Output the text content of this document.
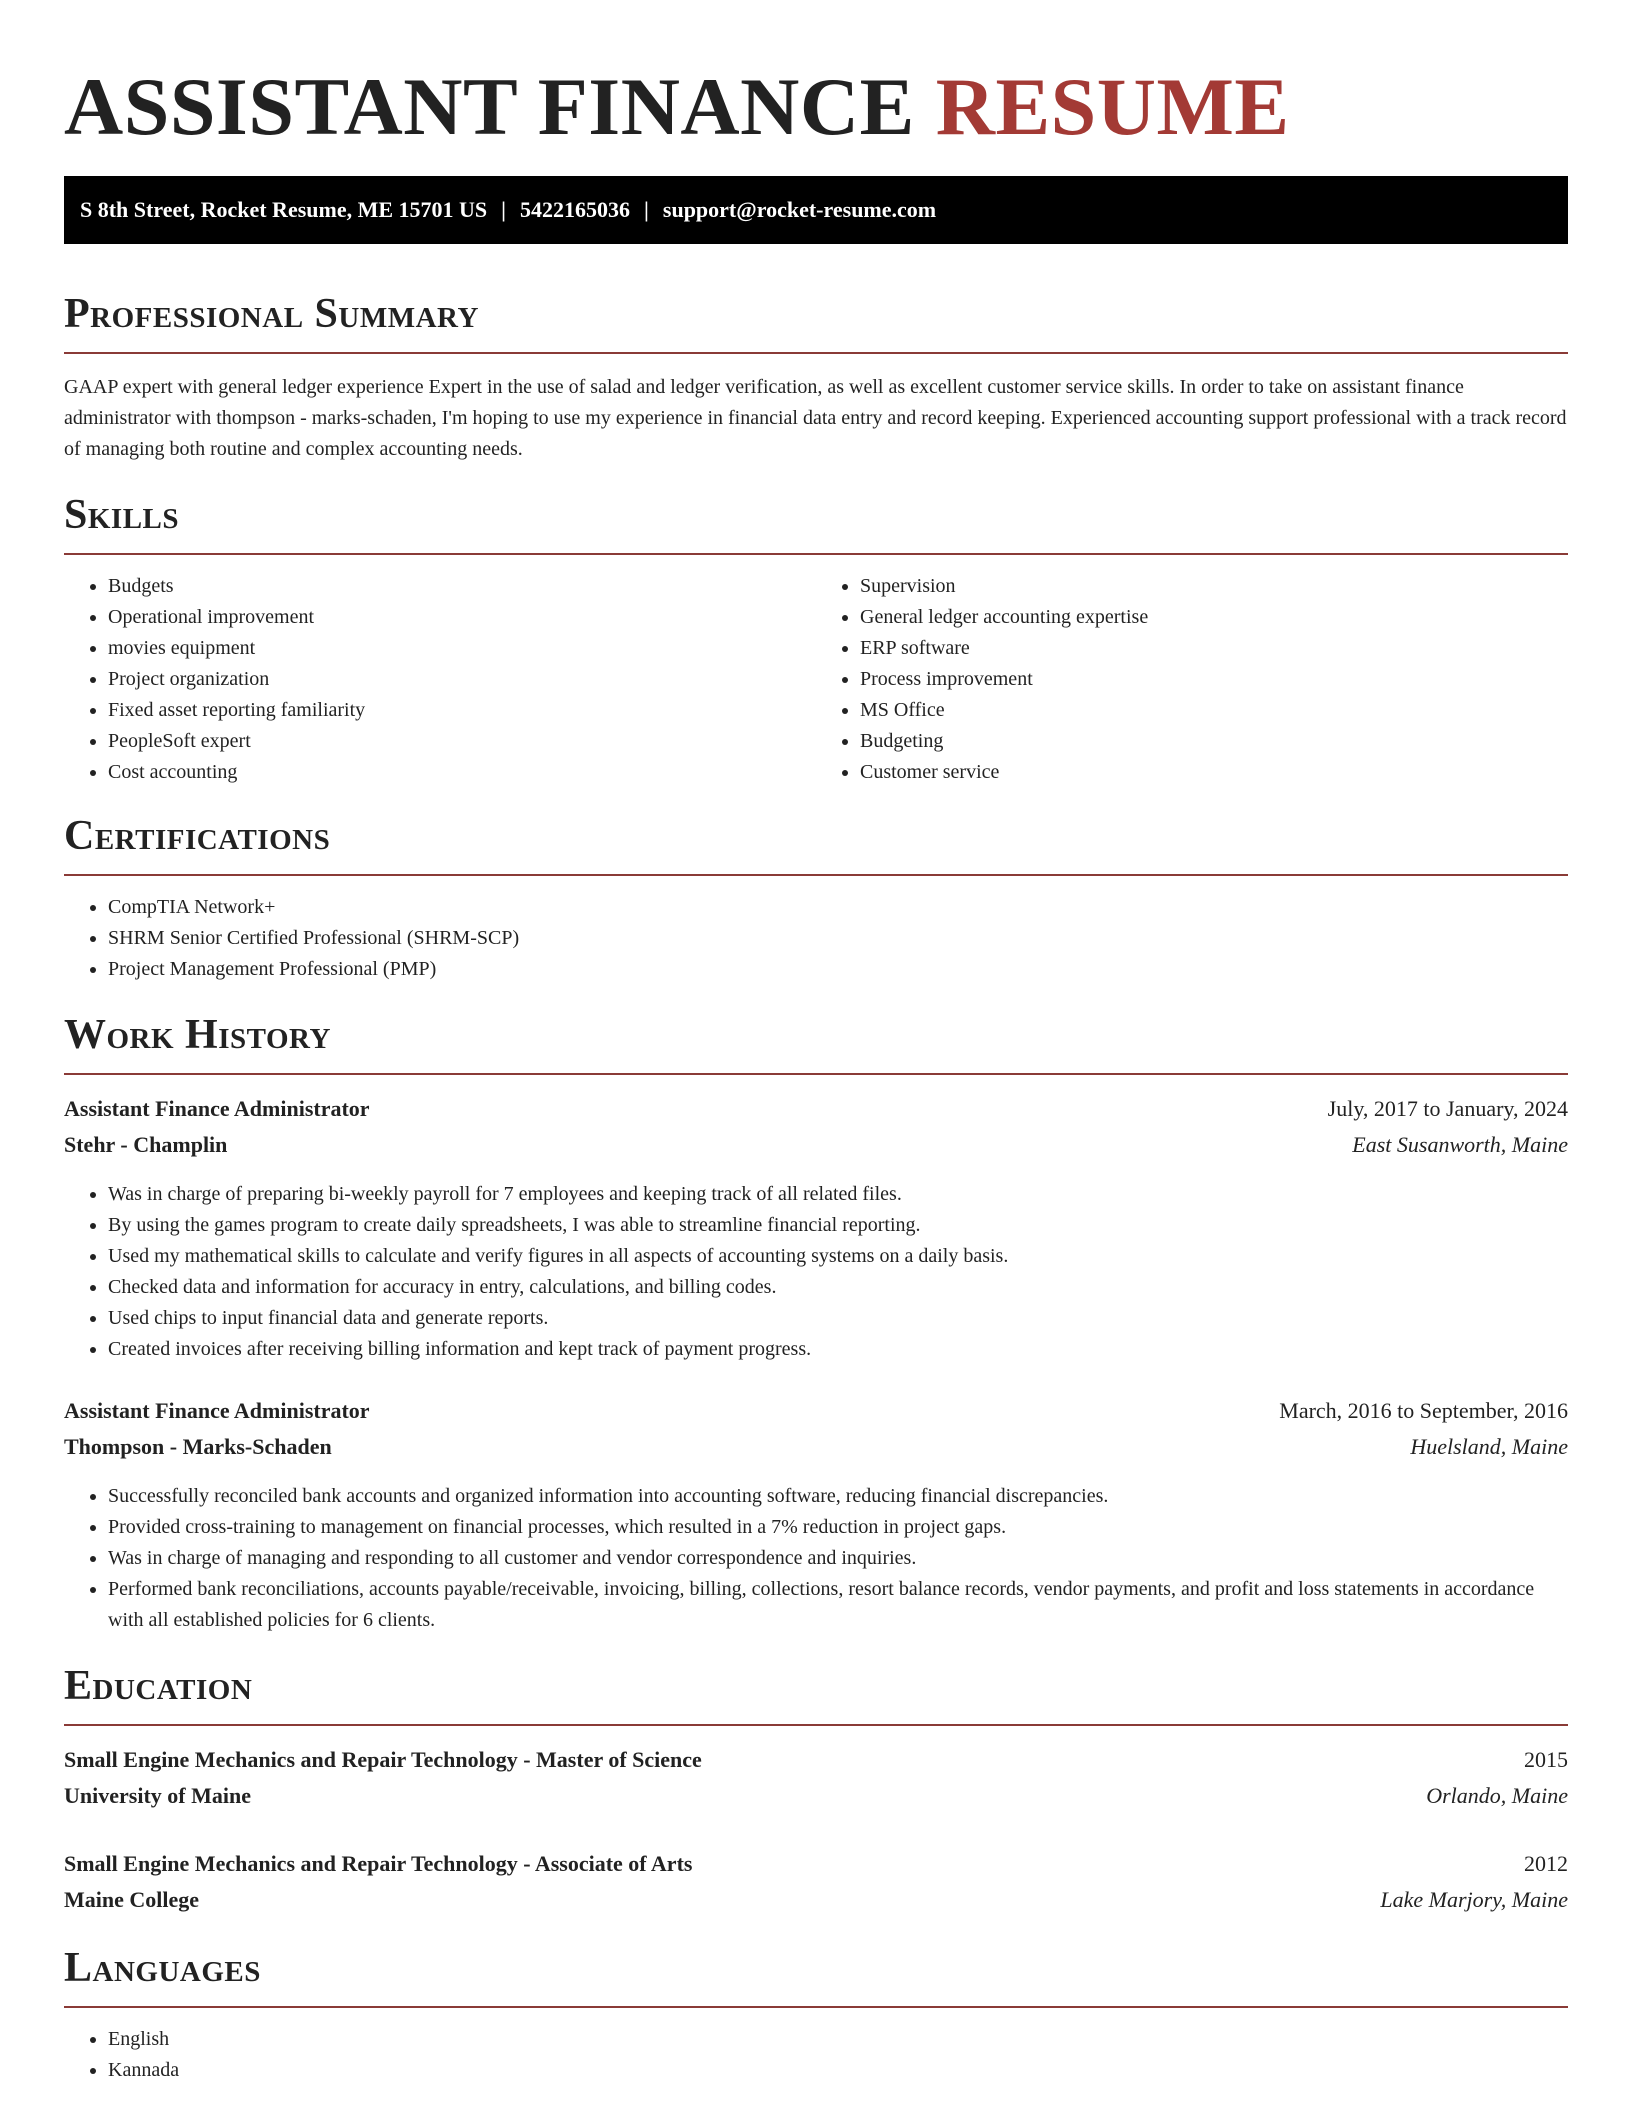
ASSISTANT FINANCE RESUME
S 8th Street, Rocket Resume, ME 15701 US | 5422165036 | support@rocket-resume.com
Professional Summary

GAAP expert with general ledger experience Expert in the use of salad and ledger verification, as well as excellent customer service skills. In order to take on assistant finance administrator with thompson - marks-schaden, I'm hoping to use my experience in financial data entry and record keeping. Experienced accounting support professional with a track record of managing both routine and complex accounting needs.

Skills
• Budgets
• Operational improvement
• movies equipment
• Project organization
• Fixed asset reporting familiarity
• PeopleSoft expert
• Cost accounting
• Supervision
• General ledger accounting expertise
• ERP software
• Process improvement
• MS Office
• Budgeting
• Customer service
Certifications
• CompTIA Network+
• SHRM Senior Certified Professional (SHRM-SCP)
• Project Management Professional (PMP)
Work History
Assistant Finance Administrator	July, 2017 to January, 2024
Stehr - Champlin	East Susanworth, Maine
• Was in charge of preparing bi-weekly payroll for 7 employees and keeping track of all related files.
• By using the games program to create daily spreadsheets, I was able to streamline financial reporting.
• Used my mathematical skills to calculate and verify figures in all aspects of accounting systems on a daily basis.
• Checked data and information for accuracy in entry, calculations, and billing codes.
• Used chips to input financial data and generate reports.
• Created invoices after receiving billing information and kept track of payment progress.
Assistant Finance Administrator	March, 2016 to September, 2016
Thompson - Marks-Schaden	Huelsland, Maine
• Successfully reconciled bank accounts and organized information into accounting software, reducing financial discrepancies.
• Provided cross-training to management on financial processes, which resulted in a 7% reduction in project gaps.
• Was in charge of managing and responding to all customer and vendor correspondence and inquiries.
• Performed bank reconciliations, accounts payable/receivable, invoicing, billing, collections, resort balance records, vendor payments, and profit and loss statements in accordance with all established policies for 6 clients.
Education
Small Engine Mechanics and Repair Technology - Master of Science	2015
University of Maine	Orlando, Maine
Small Engine Mechanics and Repair Technology - Associate of Arts	2012
Maine College	Lake Marjory, Maine
Languages
• English
• Kannada
